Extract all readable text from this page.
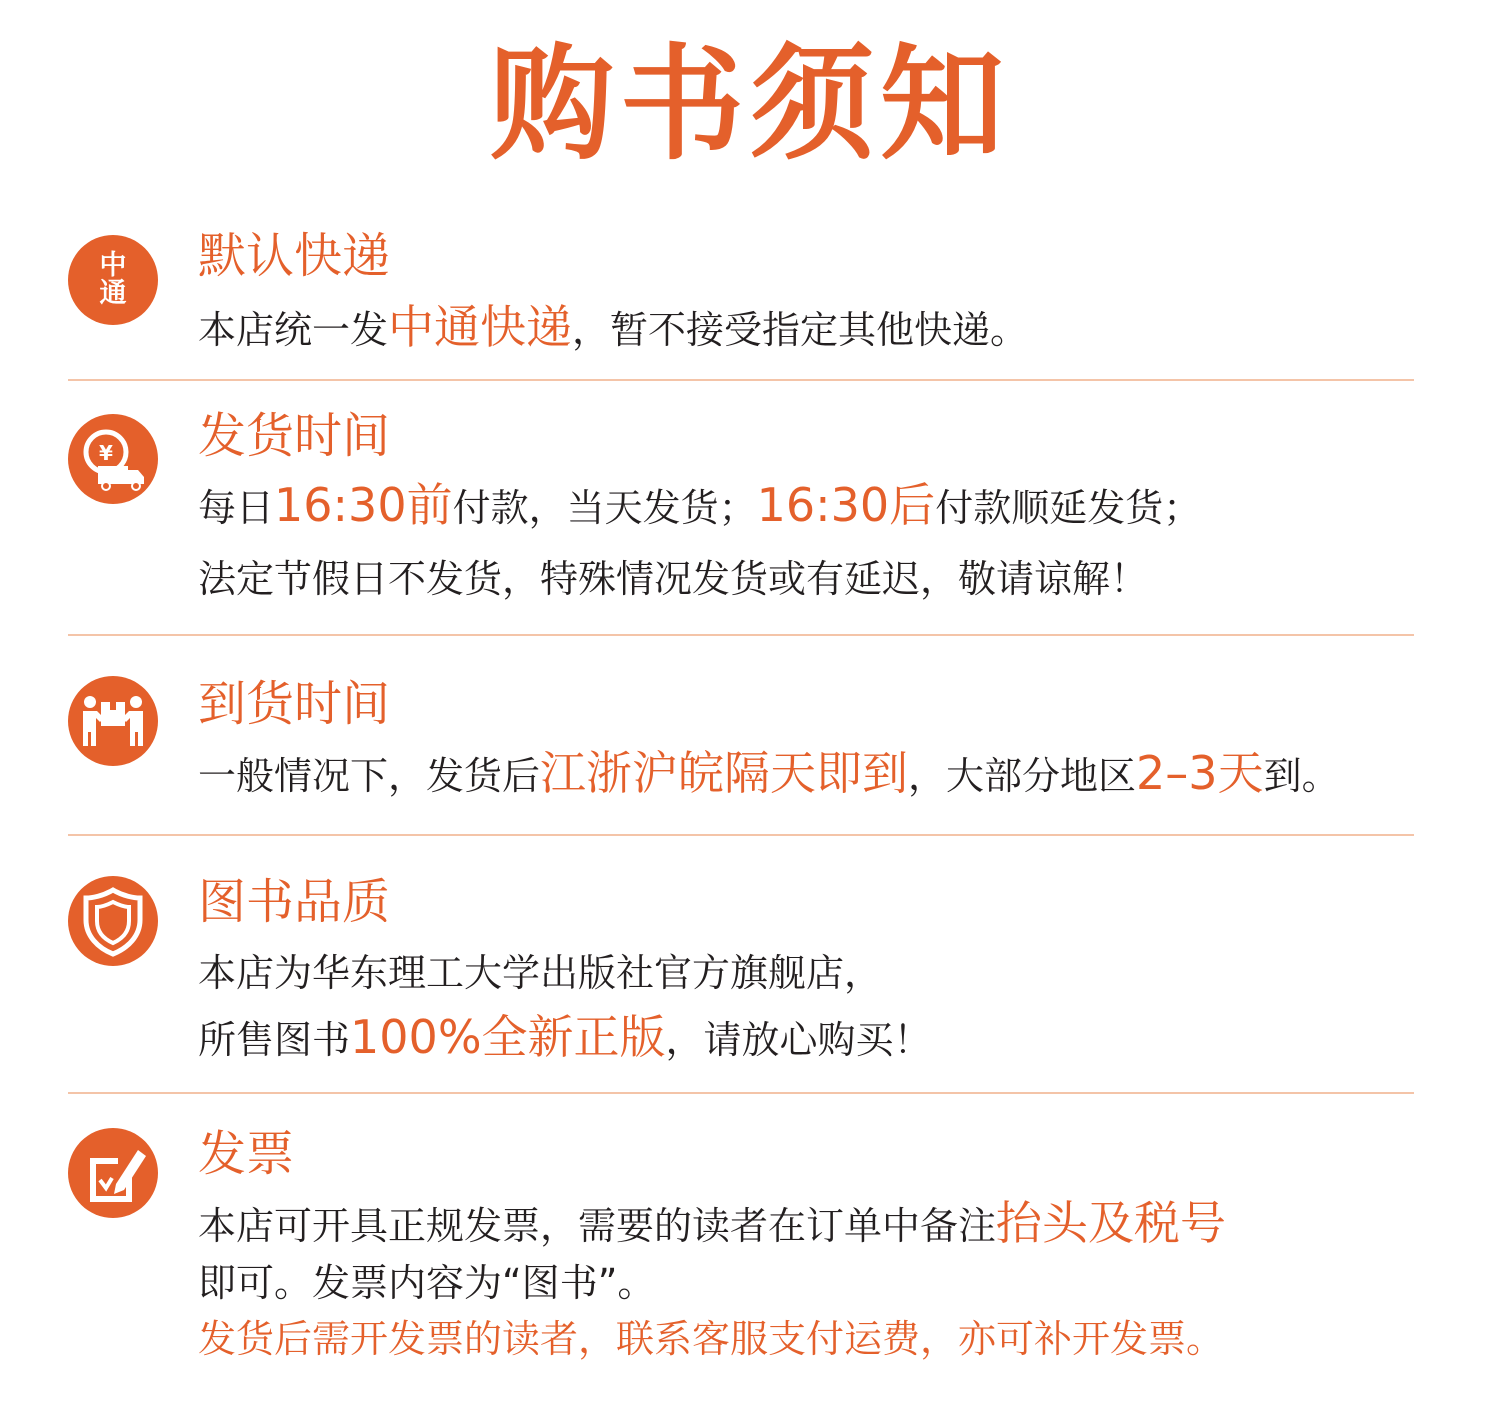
购书须知
中
通
默认快递
本店统一发中通快递，暂不接受指定其他快递。
¥ 发货时间
每日16:30前付款，当天发货；16:30后付款顺延发货；
法定节假日不发货，特殊情况发货或有延迟，敬请谅解！
到货时间
一般情况下，发货后江浙沪皖隔天即到，大部分地区2–3天到。
图书品质
本店为华东理工大学出版社官方旗舰店，
所售图书100%全新正版，请放心购买！
发票
本店可开具正规发票，需要的读者在订单中备注抬头及税号
即可。发票内容为“图书”。
发货后需开发票的读者，联系客服支付运费，亦可补开发票。
